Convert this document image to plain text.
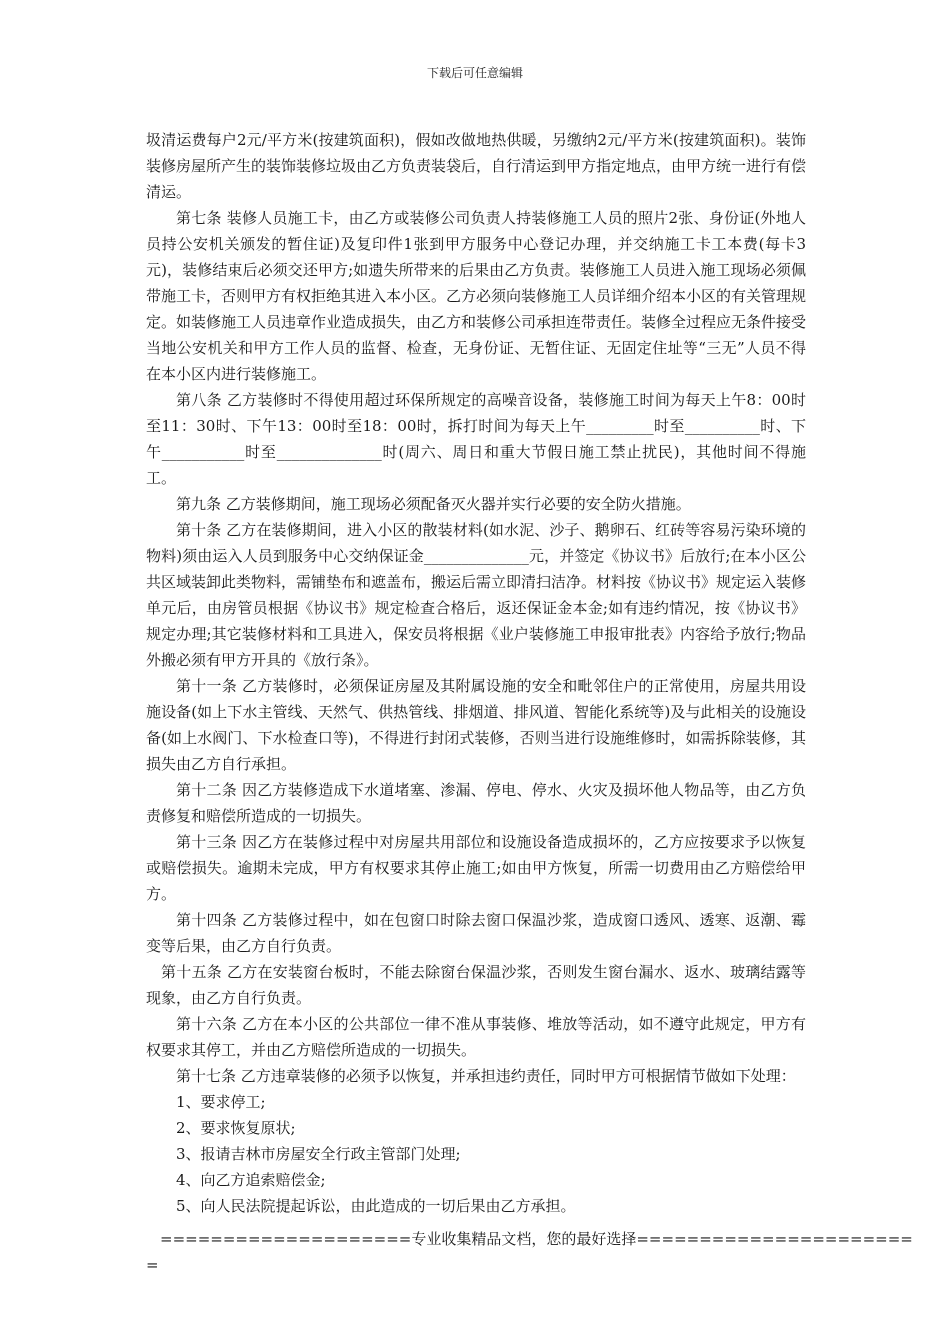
下载后可任意编辑

圾清运费每户2元/平方米(按建筑面积)，假如改做地热供暖，另缴纳2元/平方米(按建筑面积)。装饰装修房屋所产生的装饰装修垃圾由乙方负责装袋后，自行清运到甲方指定地点，由甲方统一进行有偿清运。

第七条 装修人员施工卡，由乙方或装修公司负责人持装修施工人员的照片2张、身份证(外地人员持公安机关颁发的暂住证)及复印件1张到甲方服务中心登记办理，并交纳施工卡工本费(每卡3元)，装修结束后必须交还甲方;如遗失所带来的后果由乙方负责。装修施工人员进入施工现场必须佩带施工卡，否则甲方有权拒绝其进入本小区。乙方必须向装修施工人员详细介绍本小区的有关管理规定。如装修施工人员违章作业造成损失，由乙方和装修公司承担连带责任。装修全过程应无条件接受当地公安机关和甲方工作人员的监督、检查，无身份证、无暂住证、无固定住址等“三无”人员不得在本小区内进行装修施工。

第八条 乙方装修时不得使用超过环保所规定的高噪音设备，装修施工时间为每天上午8：00时至11：30时、下午13：00时至18：00时，拆打时间为每天上午_________时至__________时、下午___________时至______________时(周六、周日和重大节假日施工禁止扰民)，其他时间不得施工。

第九条 乙方装修期间，施工现场必须配备灭火器并实行必要的安全防火措施。

第十条 乙方在装修期间，进入小区的散装材料(如水泥、沙子、鹅卵石、红砖等容易污染环境的物料)须由运入人员到服务中心交纳保证金______________元，并签定《协议书》后放行;在本小区公共区域装卸此类物料，需铺垫布和遮盖布，搬运后需立即清扫洁净。材料按《协议书》规定运入装修单元后，由房管员根据《协议书》规定检查合格后，返还保证金本金;如有违约情况，按《协议书》规定办理;其它装修材料和工具进入，保安员将根据《业户装修施工申报审批表》内容给予放行;物品外搬必须有甲方开具的《放行条》。

第十一条 乙方装修时，必须保证房屋及其附属设施的安全和毗邻住户的正常使用，房屋共用设施设备(如上下水主管线、天然气、供热管线、排烟道、排风道、智能化系统等)及与此相关的设施设备(如上水阀门、下水检查口等)，不得进行封闭式装修，否则当进行设施维修时，如需拆除装修，其损失由乙方自行承担。

第十二条 因乙方装修造成下水道堵塞、渗漏、停电、停水、火灾及损坏他人物品等，由乙方负责修复和赔偿所造成的一切损失。

第十三条 因乙方在装修过程中对房屋共用部位和设施设备造成损坏的，乙方应按要求予以恢复或赔偿损失。逾期未完成，甲方有权要求其停止施工;如由甲方恢复，所需一切费用由乙方赔偿给甲方。

第十四条 乙方装修过程中，如在包窗口时除去窗口保温沙浆，造成窗口透风、透寒、返潮、霉变等后果，由乙方自行负责。

第十五条 乙方在安装窗台板时，不能去除窗台保温沙浆，否则发生窗台漏水、返水、玻璃结露等现象，由乙方自行负责。

第十六条 乙方在本小区的公共部位一律不准从事装修、堆放等活动，如不遵守此规定，甲方有权要求其停工，并由乙方赔偿所造成的一切损失。

第十七条 乙方违章装修的必须予以恢复，并承担违约责任，同时甲方可根据情节做如下处理：

1、要求停工;

2、要求恢复原状;

3、报请吉林市房屋安全行政主管部门处理;

4、向乙方追索赔偿金;

5、向人民法院提起诉讼，由此造成的一切后果由乙方承担。

====================专业收集精品文档，您的最好选择======================
=
